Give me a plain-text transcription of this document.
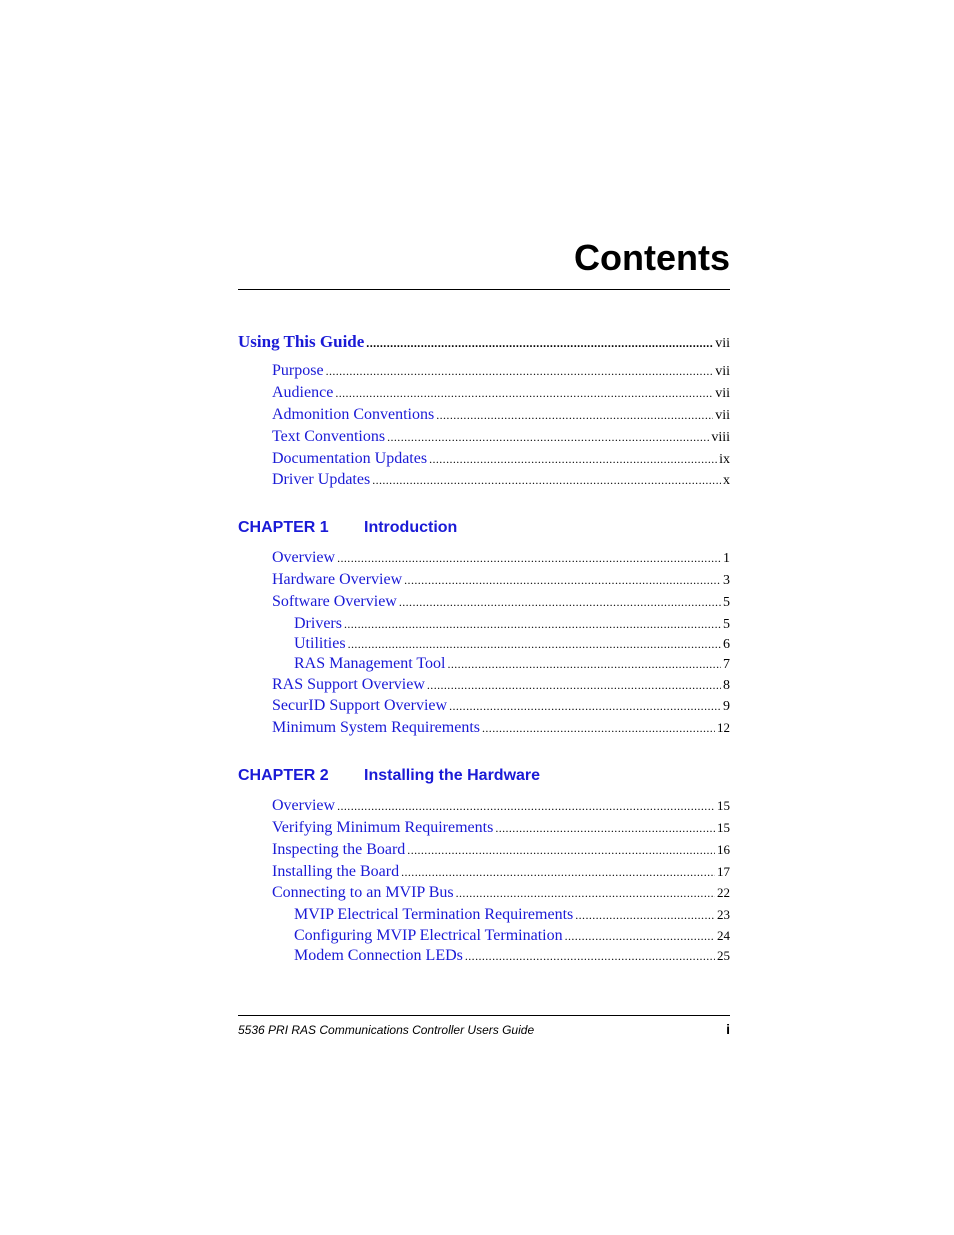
Contents
Using This Guide .....	vii
Purpose .....	vii
Audience .....	vii
Admonition Conventions .....	vii
Text Conventions .....	viii
Documentation Updates .....	ix
Driver Updates .....	x
CHAPTER 1 Introduction
Overview .....	1
Hardware Overview .....	3
Software Overview .....	5
Drivers .....	5
Utilities .....	6
RAS Management Tool .....	7
RAS Support Overview .....	8
SecurID Support Overview .....	9
Minimum System Requirements .....	12
CHAPTER 2 Installing the Hardware
Overview .....	15
Verifying Minimum Requirements .....	15
Inspecting the Board .....	16
Installing the Board .....	17
Connecting to an MVIP Bus .....	22
MVIP Electrical Termination Requirements .....	23
Configuring MVIP Electrical Termination .....	24
Modem Connection LEDs .....	25
5536 PRI RAS Communications Controller Users Guide	i
